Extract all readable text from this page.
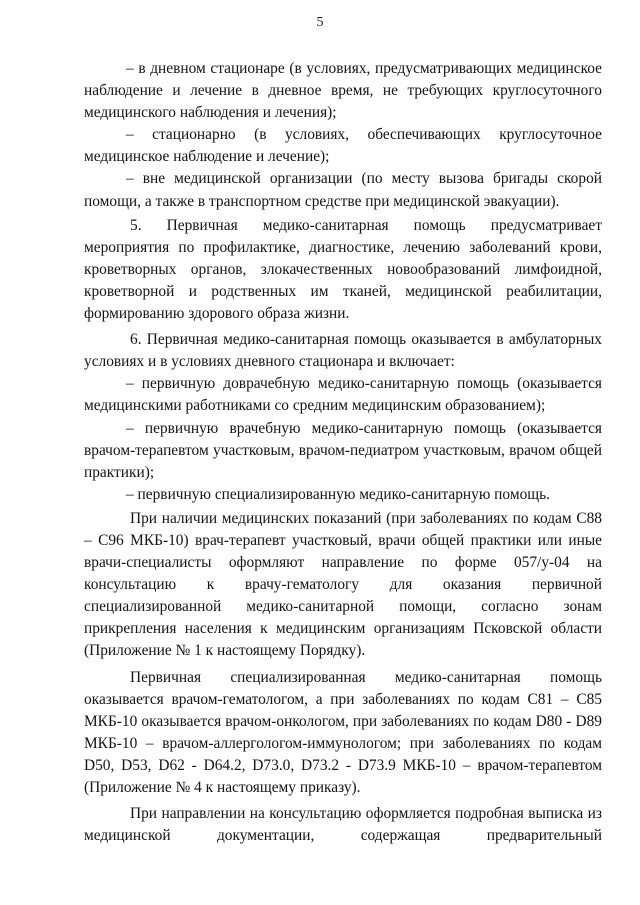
5

– в дневном стационаре (в условиях, предусматривающих медицинское наблюдение и лечение в дневное время, не требующих круглосуточного медицинского наблюдения и лечения);

– стационарно (в условиях, обеспечивающих круглосуточное медицинское наблюдение и лечение);

– вне медицинской организации (по месту вызова бригады скорой помощи, а также в транспортном средстве при медицинской эвакуации).

5. Первичная медико-санитарная помощь предусматривает мероприятия по профилактике, диагностике, лечению заболеваний крови, кроветворных органов, злокачественных новообразований лимфоидной, кроветворной и родственных им тканей, медицинской реабилитации, формированию здорового образа жизни.

6. Первичная медико-санитарная помощь оказывается в амбулаторных условиях и в условиях дневного стационара и включает:

– первичную доврачебную медико-санитарную помощь (оказывается медицинскими работниками со средним медицинским образованием);

– первичную врачебную медико-санитарную помощь (оказывается врачом-терапевтом участковым, врачом-педиатром участковым, врачом общей практики);

– первичную специализированную медико-санитарную помощь.

При наличии медицинских показаний (при заболеваниях по кодам С88 – С96 МКБ-10) врач-терапевт участковый, врачи общей практики или иные врачи-специалисты оформляют направление по форме 057/у-04 на консультацию к врачу-гематологу для оказания первичной специализированной медико-санитарной помощи, согласно зонам прикрепления населения к медицинским организациям Псковской области (Приложение № 1 к настоящему Порядку).

Первичная специализированная медико-санитарная помощь оказывается врачом-гематологом, а при заболеваниях по кодам С81 – С85 МКБ-10 оказывается врачом-онкологом, при заболеваниях по кодам D80 - D89 МКБ-10 – врачом-аллергологом-иммунологом; при заболеваниях по кодам D50, D53, D62 - D64.2, D73.0, D73.2 - D73.9 МКБ-10 – врачом-терапевтом (Приложение № 4 к настоящему приказу).

При направлении на консультацию оформляется подробная выписка из медицинской документации, содержащая предварительный
